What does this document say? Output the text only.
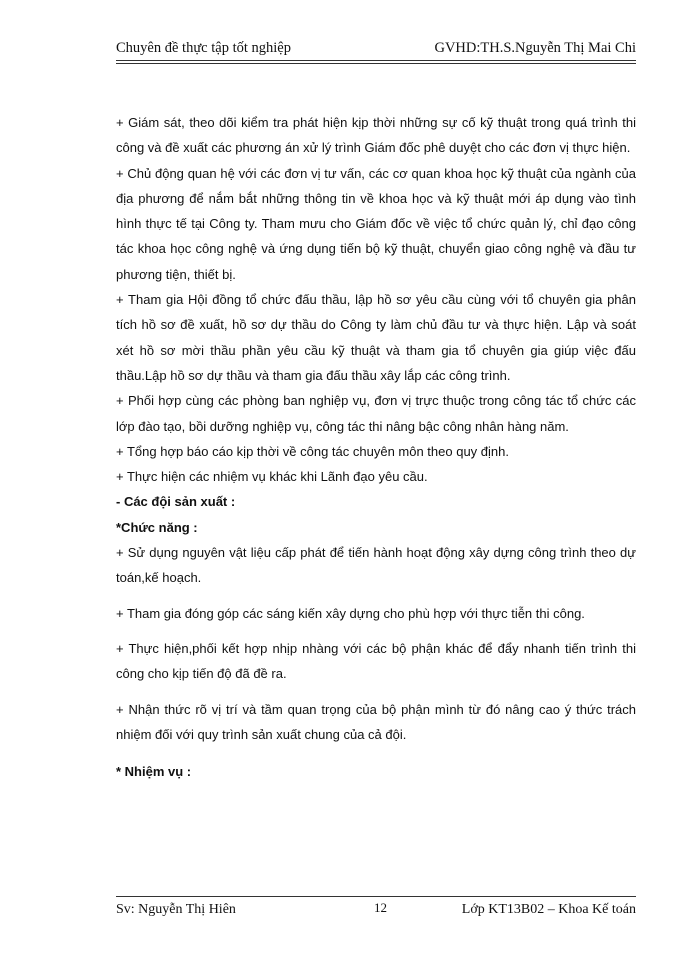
Chuyên đề thực tập tốt nghiệp	GVHD:TH.S.Nguyễn Thị Mai Chi

+ Giám sát, theo dõi kiểm tra phát hiện kịp thời những sự cố kỹ thuật trong quá trình thi công và đề xuất các phương án xử lý trình Giám đốc phê duyệt cho các đơn vị thực hiện.

+ Chủ động quan hệ với các đơn vị tư vấn, các cơ quan khoa học kỹ thuật của ngành của địa phương để nắm bắt những thông tin về khoa học và kỹ thuật mới áp dụng vào tình hình thực tế tại Công ty. Tham mưu cho Giám đốc về việc tổ chức quản lý, chỉ đạo công tác khoa học công nghệ và ứng dụng tiến bộ kỹ thuật, chuyển giao công nghệ và đầu tư phương tiện, thiết bị.

+ Tham gia Hội đồng tổ chức đấu thầu, lập hồ sơ yêu cầu cùng với tổ chuyên gia phân tích hồ sơ đề xuất, hồ sơ dự thầu do Công ty làm chủ đầu tư và thực hiện. Lập và soát xét hồ sơ mời thầu phần yêu cầu kỹ thuật và tham gia tổ chuyên gia giúp việc đấu thầu.Lập hồ sơ dự thầu và tham gia đấu thầu xây lắp các công trình.

+ Phối hợp cùng các phòng ban nghiệp vụ, đơn vị trực thuộc trong công tác tổ chức các lớp đào tạo, bồi dưỡng nghiệp vụ, công tác thi nâng bậc công nhân hàng năm.

+ Tổng hợp báo cáo kịp thời về công tác chuyên môn theo quy định.

+ Thực hiện các nhiệm vụ khác khi Lãnh đạo yêu cầu.

- Các đội sản xuất :

*Chức năng :

+ Sử dụng nguyên vật liệu cấp phát để tiến hành hoạt động xây dựng công trình theo dự toán,kế hoạch.

+ Tham gia đóng góp các sáng kiến xây dựng cho phù hợp với thực tiễn thi công.

+ Thực hiện,phối kết hợp nhịp nhàng với các bộ phận khác để đẩy nhanh tiến trình thi công cho kịp tiến độ đã đề ra.

+ Nhận thức rõ vị trí và tầm quan trọng của bộ phận mình từ đó nâng cao ý thức trách nhiệm đối với quy trình sản xuất chung của cả đội.

* Nhiệm vụ :

Sv: Nguyễn Thị Hiên	12	Lớp KT13B02 – Khoa Kế toán
